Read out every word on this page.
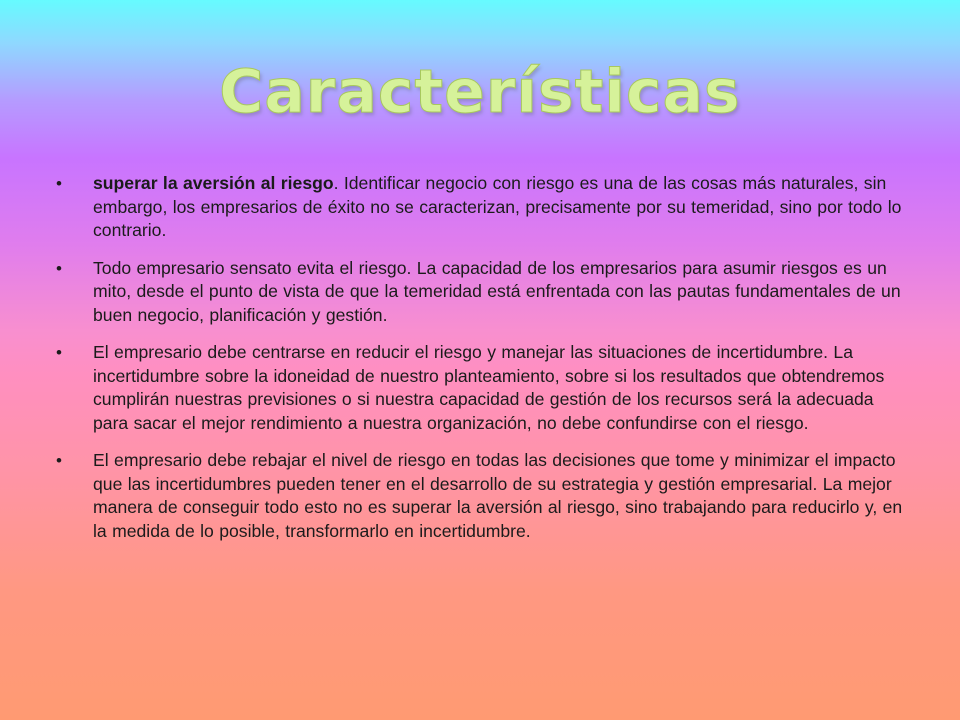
Características
• superar la aversión al riesgo. Identificar negocio con riesgo es una de las cosas más naturales, sin embargo, los empresarios de éxito no se caracterizan, precisamente por su temeridad, sino por todo lo contrario.
• Todo empresario sensato evita el riesgo. La capacidad de los empresarios para asumir riesgos es un mito, desde el punto de vista de que la temeridad está enfrentada con las pautas fundamentales de un buen negocio, planificación y gestión.
• El empresario debe centrarse en reducir el riesgo y manejar las situaciones de incertidumbre. La incertidumbre sobre la idoneidad de nuestro planteamiento, sobre si los resultados que obtendremos cumplirán nuestras previsiones o si nuestra capacidad de gestión de los recursos será la adecuada para sacar el mejor rendimiento a nuestra organización, no debe confundirse con el riesgo.
• El empresario debe rebajar el nivel de riesgo en todas las decisiones que tome y minimizar el impacto que las incertidumbres pueden tener en el desarrollo de su estrategia y gestión empresarial. La mejor manera de conseguir todo esto no es superar la aversión al riesgo, sino trabajando para reducirlo y, en la medida de lo posible, transformarlo en incertidumbre.
